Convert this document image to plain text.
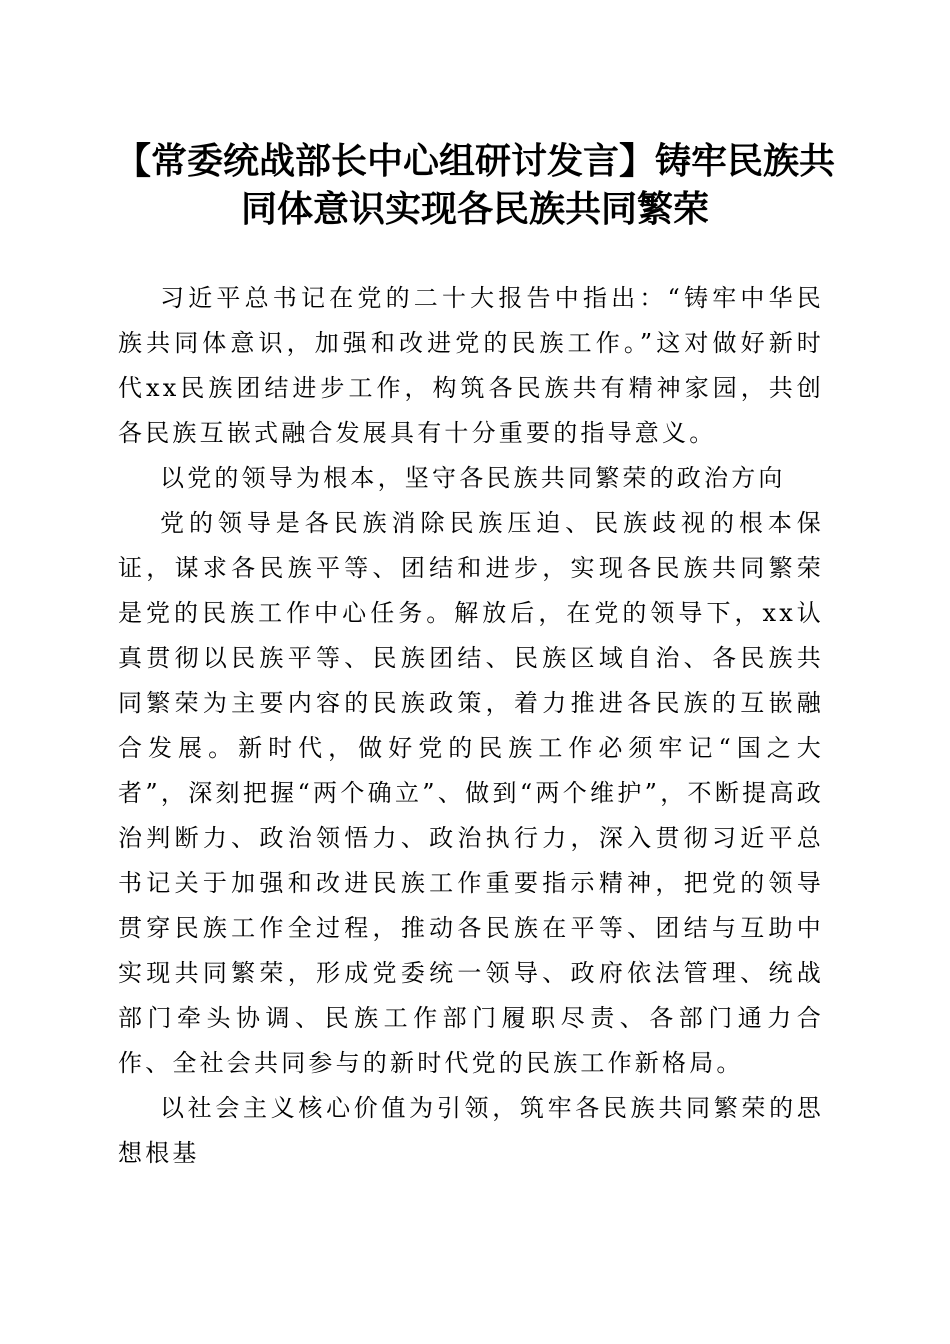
【常委统战部长中心组研讨发言】铸牢民族共
同体意识实现各民族共同繁荣

习近平总书记在党的二十大报告中指出：“铸牢中华民族共同体意识，加强和改进党的民族工作。”这对做好新时代xx民族团结进步工作，构筑各民族共有精神家园，共创各民族互嵌式融合发展具有十分重要的指导意义。

以党的领导为根本，坚守各民族共同繁荣的政治方向

党的领导是各民族消除民族压迫、民族歧视的根本保证，谋求各民族平等、团结和进步，实现各民族共同繁荣是党的民族工作中心任务。解放后，在党的领导下，xx认真贯彻以民族平等、民族团结、民族区域自治、各民族共同繁荣为主要内容的民族政策，着力推进各民族的互嵌融合发展。新时代，做好党的民族工作必须牢记“国之大者”，深刻把握“两个确立”、做到“两个维护”，不断提高政治判断力、政治领悟力、政治执行力，深入贯彻习近平总书记关于加强和改进民族工作重要指示精神，把党的领导贯穿民族工作全过程，推动各民族在平等、团结与互助中实现共同繁荣，形成党委统一领导、政府依法管理、统战部门牵头协调、民族工作部门履职尽责、各部门通力合作、全社会共同参与的新时代党的民族工作新格局。

以社会主义核心价值为引领，筑牢各民族共同繁荣的思想根基
